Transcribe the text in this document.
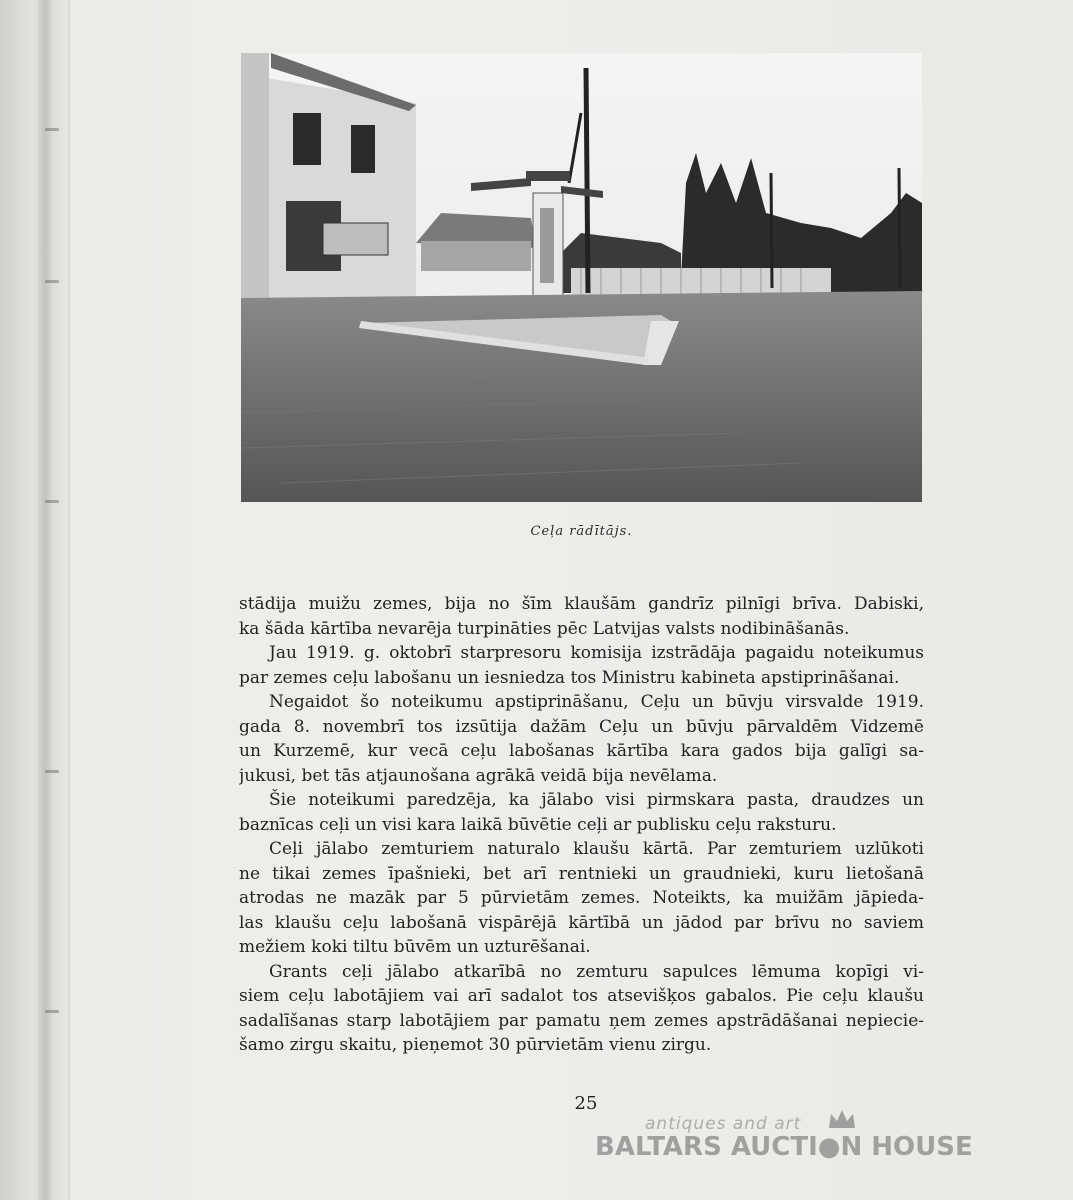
Ceļa rādītājs.
stādija muižu zemes, bija no šīm klaušām gandrīz pilnīgi brīva. Dabiski,
ka šāda kārtība nevarēja turpināties pēc Latvijas valsts nodibināšanās.
Jau 1919. g. oktobrī starpresoru komisija izstrādāja pagaidu noteikumus
par zemes ceļu labošanu un iesniedza tos Ministru kabineta apstiprināšanai.
Negaidot šo noteikumu apstiprināšanu, Ceļu un būvju virsvalde 1919.
gada 8. novembrī tos izsūtija dažām Ceļu un būvju pārvaldēm Vidzemē
un Kurzemē, kur vecā ceļu labošanas kārtība kara gados bija galīgi sa-
jukusi, bet tās atjaunošana agrākā veidā bija nevēlama.
Šie noteikumi paredzēja, ka jālabo visi pirmskara pasta, draudzes un
baznīcas ceļi un visi kara laikā būvētie ceļi ar publisku ceļu raksturu.
Ceļi jālabo zemturiem naturalo klaušu kārtā. Par zemturiem uzlūkoti
ne tikai zemes īpašnieki, bet arī rentnieki un graudnieki, kuru lietošanā
atrodas ne mazāk par 5 pūrvietām zemes. Noteikts, ka muižām jāpieda-
las klaušu ceļu labošanā vispārējā kārtībā un jādod par brīvu no saviem
mežiem koki tiltu būvēm un uzturēšanai.
Grants ceļi jālabo atkarībā no zemturu sapulces lēmuma kopīgi vi-
siem ceļu labotājiem vai arī sadalot tos atsevišķos gabalos. Pie ceļu klaušu
sadalīšanas starp labotājiem par pamatu ņem zemes apstrādāšanai nepiecie-
šamo zirgu skaitu, pieņemot 30 pūrvietām vienu zirgu.
25
antiques and art
BALTARS AUCTI●N HOUSE
